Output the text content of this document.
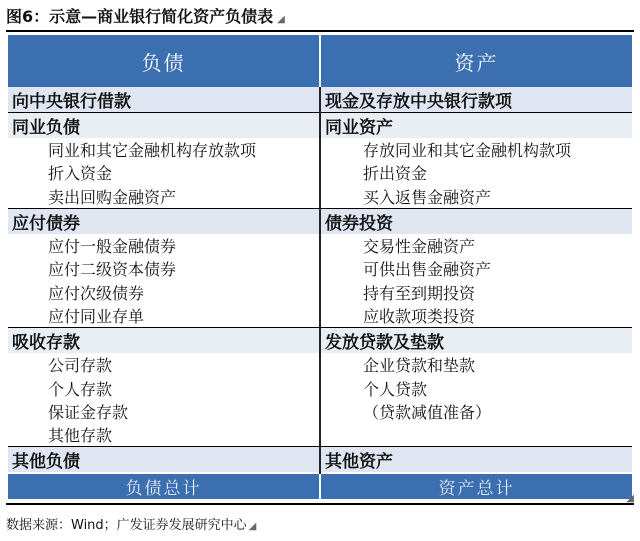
图6：示意—商业银行简化资产负债表 ◢
负债	资产
向中央银行借款	现金及存放中央银行款项
同业负债	同业资产
同业和其它金融机构存放款项	存放同业和其它金融机构款项
折入资金	折出资金
卖出回购金融资产	买入返售金融资产
应付债券	债券投资
应付一般金融债券	交易性金融资产
应付二级资本债券	可供出售金融资产
应付次级债券	持有至到期投资
应付同业存单	应收款项类投资
吸收存款	发放贷款及垫款
公司存款	企业贷款和垫款
个人存款	个人贷款
保证金存款	（贷款减值准备）
其他存款	
其他负债	其他资产
负债总计	资产总计	◢
数据来源：Wind；广发证券发展研究中心 ◢
